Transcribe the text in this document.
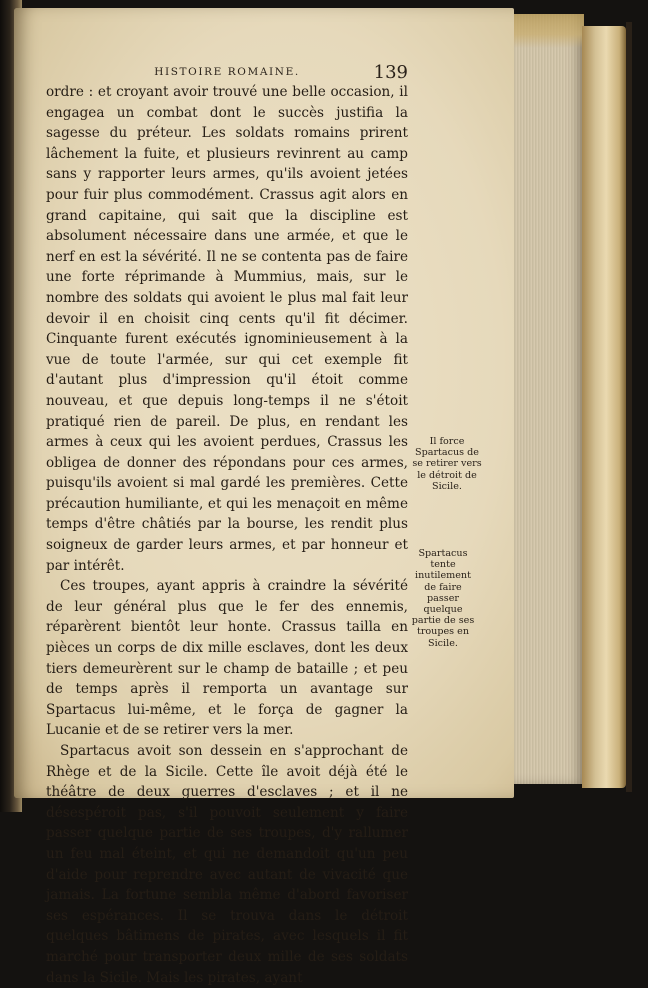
HISTOIRE ROMAINE.	139

ordre : et croyant avoir trouvé une belle occasion, il engagea un combat dont le succès justifia la sagesse du préteur. Les soldats romains prirent lâchement la fuite, et plusieurs revinrent au camp sans y rapporter leurs armes, qu'ils avoient jetées pour fuir plus commodément. Crassus agit alors en grand capitaine, qui sait que la discipline est absolument nécessaire dans une armée, et que le nerf en est la sévérité. Il ne se contenta pas de faire une forte réprimande à Mummius, mais, sur le nombre des soldats qui avoient le plus mal fait leur devoir il en choisit cinq cents qu'il fit décimer. Cinquante furent exécutés ignominieusement à la vue de toute l'armée, sur qui cet exemple fit d'autant plus d'impression qu'il étoit comme nouveau, et que depuis long-temps il ne s'étoit pratiqué rien de pareil. De plus, en rendant les armes à ceux qui les avoient perdues, Crassus les obligea de donner des répondans pour ces armes, puisqu'ils avoient si mal gardé les premières. Cette précaution humiliante, et qui les menaçoit en même temps d'être châtiés par la bourse, les rendit plus soigneux de garder leurs armes, et par honneur et par intérêt.

Ces troupes, ayant appris à craindre la sévérité de leur général plus que le fer des ennemis, réparèrent bientôt leur honte. Crassus tailla en pièces un corps de dix mille esclaves, dont les deux tiers demeurèrent sur le champ de bataille ; et peu de temps après il remporta un avantage sur Spartacus lui-même, et le força de gagner la Lucanie et de se retirer vers la mer.

Spartacus avoit son dessein en s'approchant de Rhège et de la Sicile. Cette île avoit déjà été le théâtre de deux guerres d'esclaves ; et il ne désespéroit pas, s'il pouvoit seulement y faire passer quelque partie de ses troupes, d'y rallumer un feu mal éteint, et qui ne demandoit qu'un peu d'aide pour reprendre avec autant de vivacité que jamais. La fortune sembla même d'abord favoriser ses espérances. Il se trouva dans le détroit quelques bâtimens de pirates, avec lesquels il fit marché pour transporter deux mille de ses soldats dans la Sicile. Mais les pirates, ayant

Il force Spartacus de se retirer vers le détroit de Sicile.
Spartacus tente inutilement de faire passer quelque partie de ses troupes en Sicile.
